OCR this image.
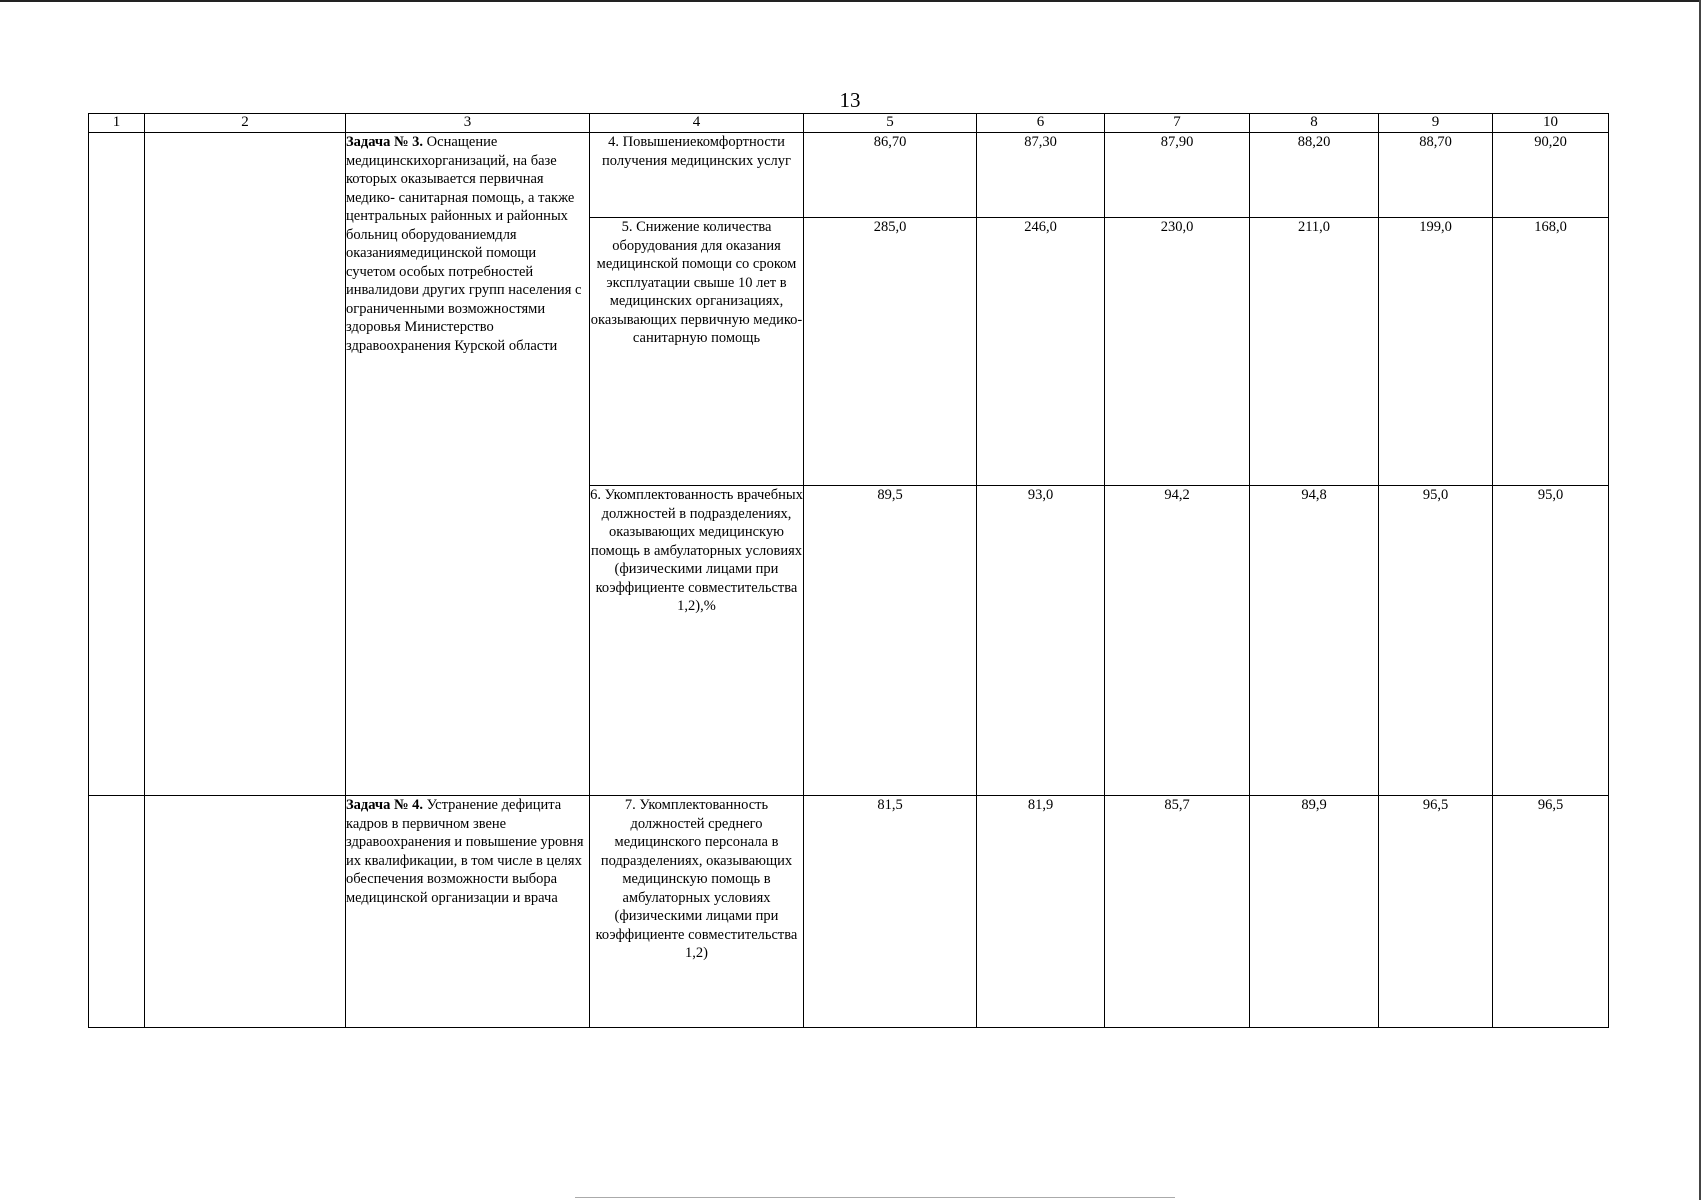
13
1	2	3	4	5	6	7	8	9	10
		Задача № 3. Оснащение медицинскихорганизаций, на базе которых оказывается первичная медико- санитарная помощь, а также центральных районных и районных больниц оборудованиемдля оказаниямедицинской помощи сучетом особых потребностей инвалидови других групп населения с ограниченными возможностями здоровья Министерство здравоохранения Курской области	4. Повышениекомфортности получения медицинских услуг	86,70	87,30	87,90	88,20	88,70	90,20
			5. Снижение количества оборудования для оказания медицинской помощи со сроком эксплуатации свыше 10 лет в медицинских организациях, оказывающих первичную медико-санитарную помощь	285,0	246,0	230,0	211,0	199,0	168,0
			6. Укомплектованность врачебных должностей в подразделениях, оказывающих медицинскую помощь в амбулаторных условиях (физическими лицами при коэффициенте совместительства 1,2),%	89,5	93,0	94,2	94,8	95,0	95,0
		Задача № 4. Устранение дефицита кадров в первичном звене здравоохранения и повышение уровня их квалификации, в том числе в целях обеспечения возможности выбора медицинской организации и врача	7. Укомплектованность должностей среднего медицинского персонала в подразделениях, оказывающих медицинскую помощь в амбулаторных условиях (физическими лицами при коэффициенте совместительства 1,2)	81,5	81,9	85,7	89,9	96,5	96,5
